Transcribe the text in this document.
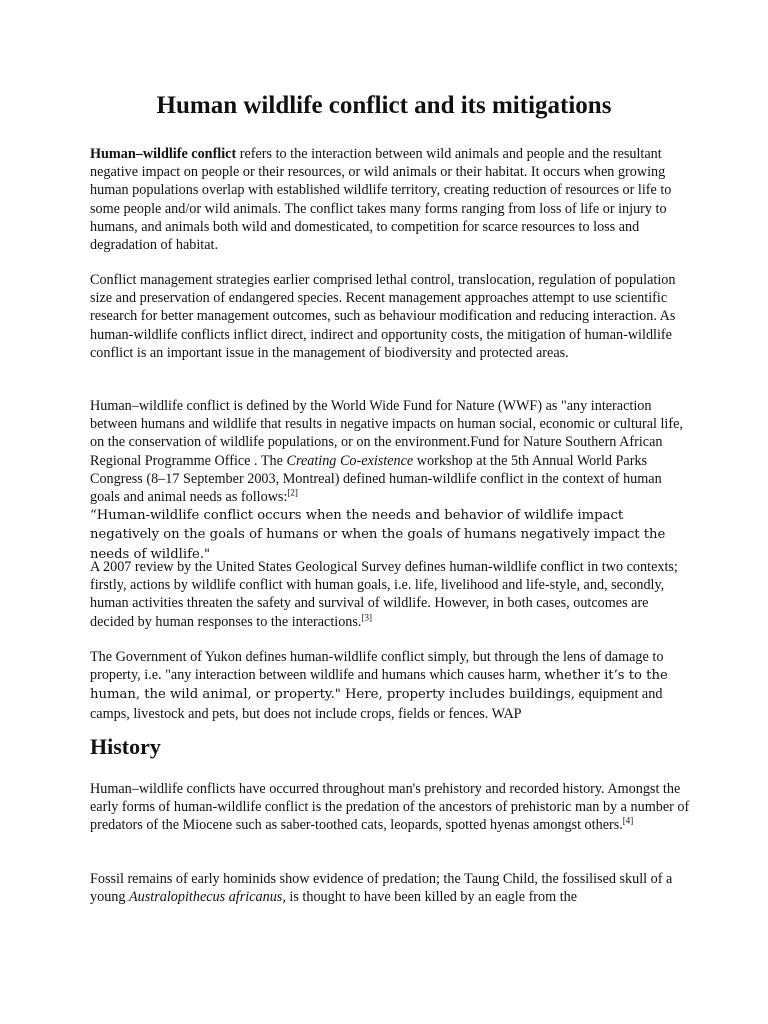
Human wildlife conflict and its mitigations

Human–wildlife conflict refers to the interaction between wild animals and people and the resultant negative impact on people or their resources, or wild animals or their habitat. It occurs when growing human populations overlap with established wildlife territory, creating reduction of resources or life to some people and/or wild animals. The conflict takes many forms ranging from loss of life or injury to humans, and animals both wild and domesticated, to competition for scarce resources to loss and degradation of habitat.

Conflict management strategies earlier comprised lethal control, translocation, regulation of population size and preservation of endangered species. Recent management approaches attempt to use scientific research for better management outcomes, such as behaviour modification and reducing interaction. As human-wildlife conflicts inflict direct, indirect and opportunity costs, the mitigation of human-wildlife conflict is an important issue in the management of biodiversity and protected areas.

Human–wildlife conflict is defined by the World Wide Fund for Nature (WWF) as "any interaction between humans and wildlife that results in negative impacts on human social, economic or cultural life, on the conservation of wildlife populations, or on the environment.Fund for Nature Southern African Regional Programme Office . The Creating Co-existence workshop at the 5th Annual World Parks Congress (8–17 September 2003, Montreal) defined human-wildlife conflict in the context of human goals and animal needs as follows:[2]
“Human-wildlife conflict occurs when the needs and behavior of wildlife impact negatively on the goals of humans or when the goals of humans negatively impact the needs of wildlife."

A 2007 review by the United States Geological Survey defines human-wildlife conflict in two contexts; firstly, actions by wildlife conflict with human goals, i.e. life, livelihood and life-style, and, secondly, human activities threaten the safety and survival of wildlife. However, in both cases, outcomes are decided by human responses to the interactions.[3]

The Government of Yukon defines human-wildlife conflict simply, but through the lens of damage to property, i.e. "any interaction between wildlife and humans which causes harm, whether it’s to the human, the wild animal, or property." Here, property includes buildings, equipment and camps, livestock and pets, but does not include crops, fields or fences. WAP

History

Human–wildlife conflicts have occurred throughout man's prehistory and recorded history. Amongst the early forms of human-wildlife conflict is the predation of the ancestors of prehistoric man by a number of predators of the Miocene such as saber-toothed cats, leopards, spotted hyenas amongst others.[4]

Fossil remains of early hominids show evidence of predation; the Taung Child, the fossilised skull of a young Australopithecus africanus, is thought to have been killed by an eagle from the
